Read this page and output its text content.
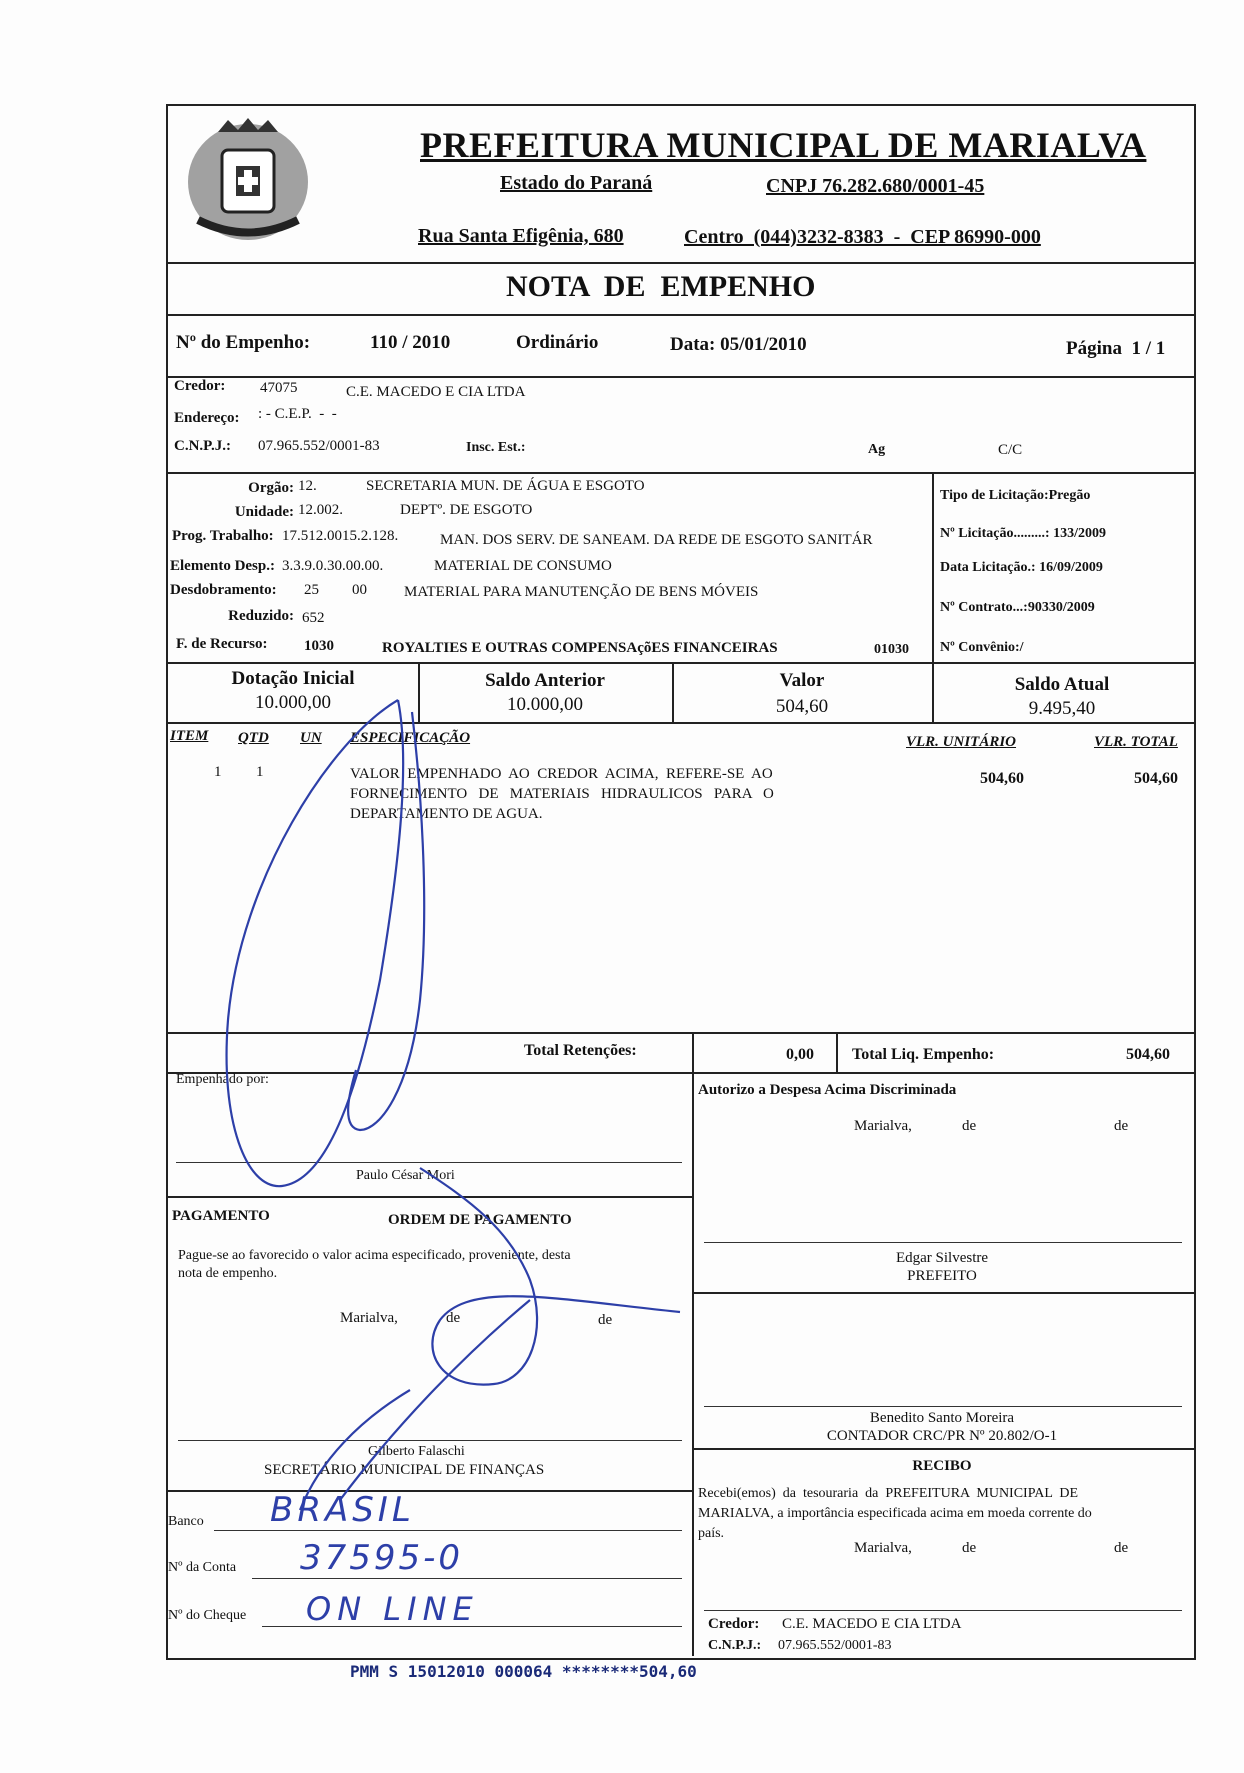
PREFEITURA MUNICIPAL DE MARIALVA
Estado do Paraná	CNPJ 76.282.680/0001-45
Rua Santa Efigênia, 680	Centro  (044)3232-8383  -  CEP 86990-000
NOTA  DE  EMPENHO
Nº do Empenho:	110 / 2010	Ordinário	Data: 05/01/2010	Página  1 / 1
Credor: 47075	C.E. MACEDO E CIA LTDA
Endereço: : - C.E.P.  -  -
C.N.P.J.: 07.965.552/0001-83	Insc. Est.:	Ag	C/C
Orgão: 12.	SECRETARIA MUN. DE ÁGUA E ESGOTO
Unidade: 12.002.	DEPTº. DE ESGOTO
Prog. Trabalho: 17.512.0015.2.128.	MAN. DOS SERV. DE SANEAM. DA REDE DE ESGOTO SANITÁR
Elemento Desp.: 3.3.9.0.30.00.00.	MATERIAL DE CONSUMO
Desdobramento: 25 00 MATERIAL PARA MANUTENÇÃO DE BENS MÓVEIS
Reduzido: 652
F. de Recurso: 1030	ROYALTIES E OUTRAS COMPENSAçõES FINANCEIRAS	01030
Tipo de Licitação:Pregão
Nº Licitação.........: 133/2009
Data Licitação.: 16/09/2009
Nº Contrato...:90330/2009
Nº Convênio:/
Dotação Inicial
10.000,00
Saldo Anterior
10.000,00
Valor
504,60
Saldo Atual
9.495,40
ITEM QTD UN ESPECIFICAÇÃO	VLR. UNITÁRIO	VLR. TOTAL
1 1	VALOR  EMPENHADO  AO  CREDOR  ACIMA,  REFERE-SE  AO
FORNECIMENTO   DE   MATERIAIS   HIDRAULICOS   PARA   O
DEPARTAMENTO DE AGUA.
504,60	504,60
Total Retenções:	0,00 Total Liq. Empenho:	504,60
Empenhado por:
Paulo César Mori
Autorizo a Despesa Acima Discriminada
Marialva,	de	de
PAGAMENTO	ORDEM DE PAGAMENTO
Pague-se ao favorecido o valor acima especificado, proveniente, desta
nota de empenho.
Marialva,	de	de
Gilberto Falaschi
SECRETÁRIO MUNICIPAL DE FINANÇAS
Edgar Silvestre
PREFEITO
Benedito Santo Moreira
CONTADOR CRC/PR Nº 20.802/O-1
RECIBO
Recebi(emos)  da  tesouraria  da  PREFEITURA  MUNICIPAL  DE
MARIALVA, a importância especificada acima em moeda corrente do
país.
Marialva,	de	de
Credor: C.E. MACEDO E CIA LTDA
C.N.P.J.: 07.965.552/0001-83
Banco BRASIL
Nº da Conta 37595-0
Nº do Cheque ON LINE
PMM S 15012010 000064 ********504,60
